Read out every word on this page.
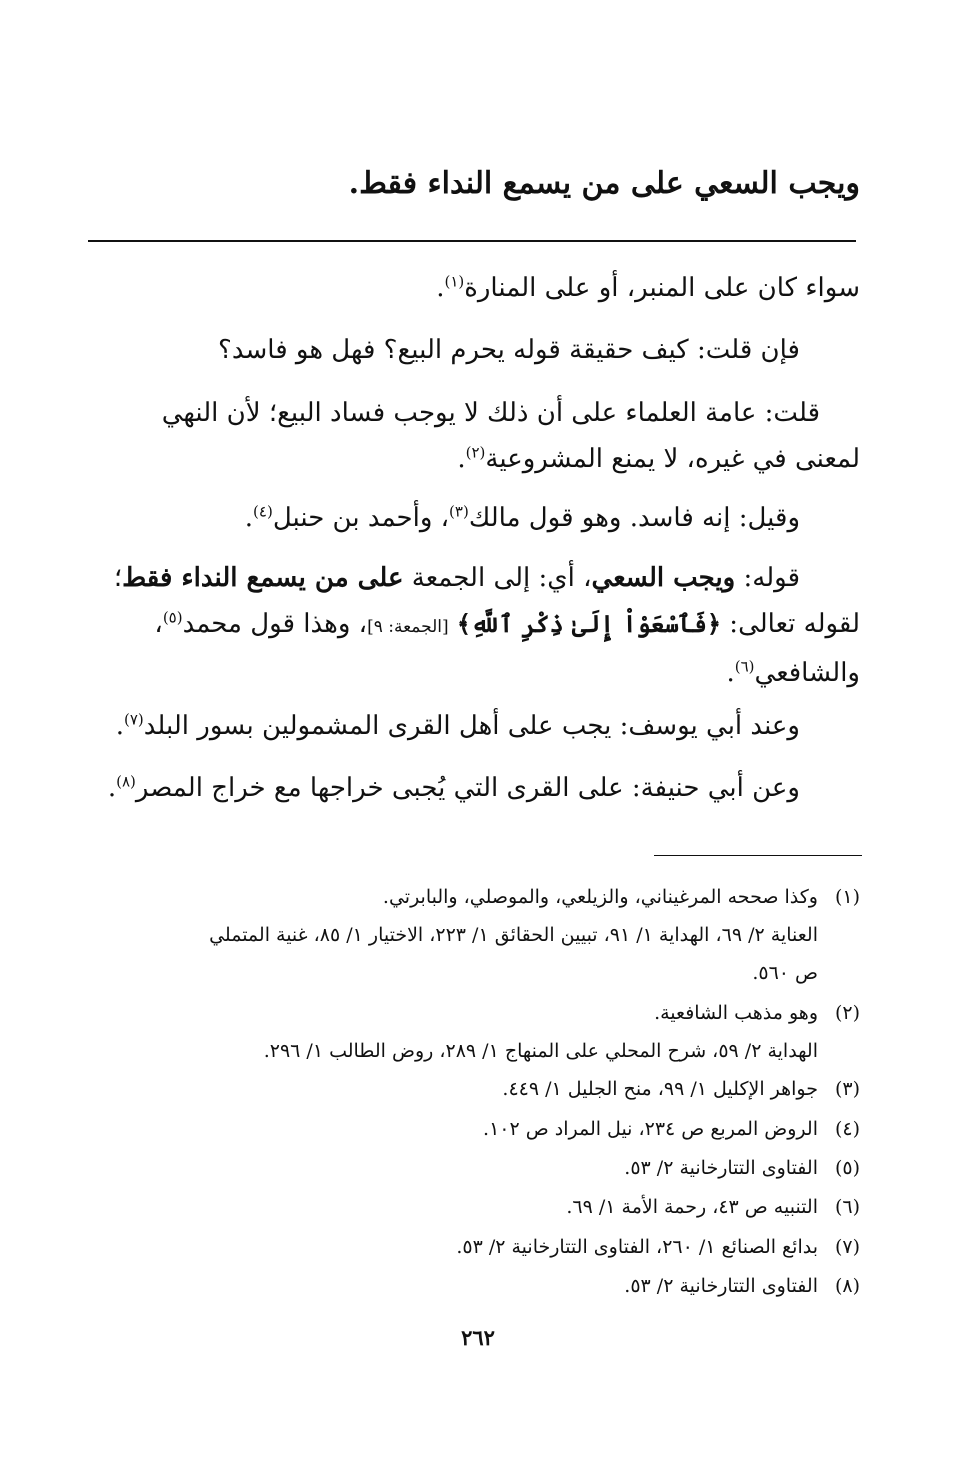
ويجب السعي على من يسمع النداء فقط.
سواء كان على المنبر، أو على المنارة$^{(١)}$.
فإن قلت: كيف حقيقة قوله يحرم البيع؟ فهل هو فاسد؟
قلت: عامة العلماء على أن ذلك لا يوجب فساد البيع؛ لأن النهي
لمعنى في غيره، لا يمنع المشروعية$^{(٢)}$.
وقيل: إنه فاسد. وهو قول مالك$^{(٣)}$، وأحمد بن حنبل$^{(٤)}$.
قوله: ويجب السعي، أي: إلى الجمعة على من يسمع النداء فقط؛
لقوله تعالى: ﴿فَٱسْعَوْاْ إِلَىٰ ذِكْرِ ٱللَّهِ﴾ [الجمعة: ٩]، وهذا قول محمد$^{(٥)}$،
والشافعي$^{(٦)}$.
وعند أبي يوسف: يجب على أهل القرى المشمولين بسور البلد$^{(٧)}$.
وعن أبي حنيفة: على القرى التي يُجبى خراجها مع خراج المصر$^{(٨)}$.
(١)وكذا صححه المرغيناني، والزيلعي، والموصلي، والبابرتي.
العناية ٢/ ٦٩، الهداية ١/ ٩١، تبيين الحقائق ١/ ٢٢٣، الاختيار ١/ ٨٥، غنية المتملي
ص ٥٦٠.
(٢)وهو مذهب الشافعية.
الهداية ٢/ ٥٩، شرح المحلي على المنهاج ١/ ٢٨٩، روض الطالب ١/ ٢٩٦.
(٣)جواهر الإكليل ١/ ٩٩، منح الجليل ١/ ٤٤٩.
(٤)الروض المربع ص ٢٣٤، نيل المراد ص ١٠٢.
(٥)الفتاوى التتارخانية ٢/ ٥٣.
(٦)التنبيه ص ٤٣، رحمة الأمة ١/ ٦٩.
(٧)بدائع الصنائع ١/ ٢٦٠، الفتاوى التتارخانية ٢/ ٥٣.
(٨)الفتاوى التتارخانية ٢/ ٥٣.
٢٦٢
